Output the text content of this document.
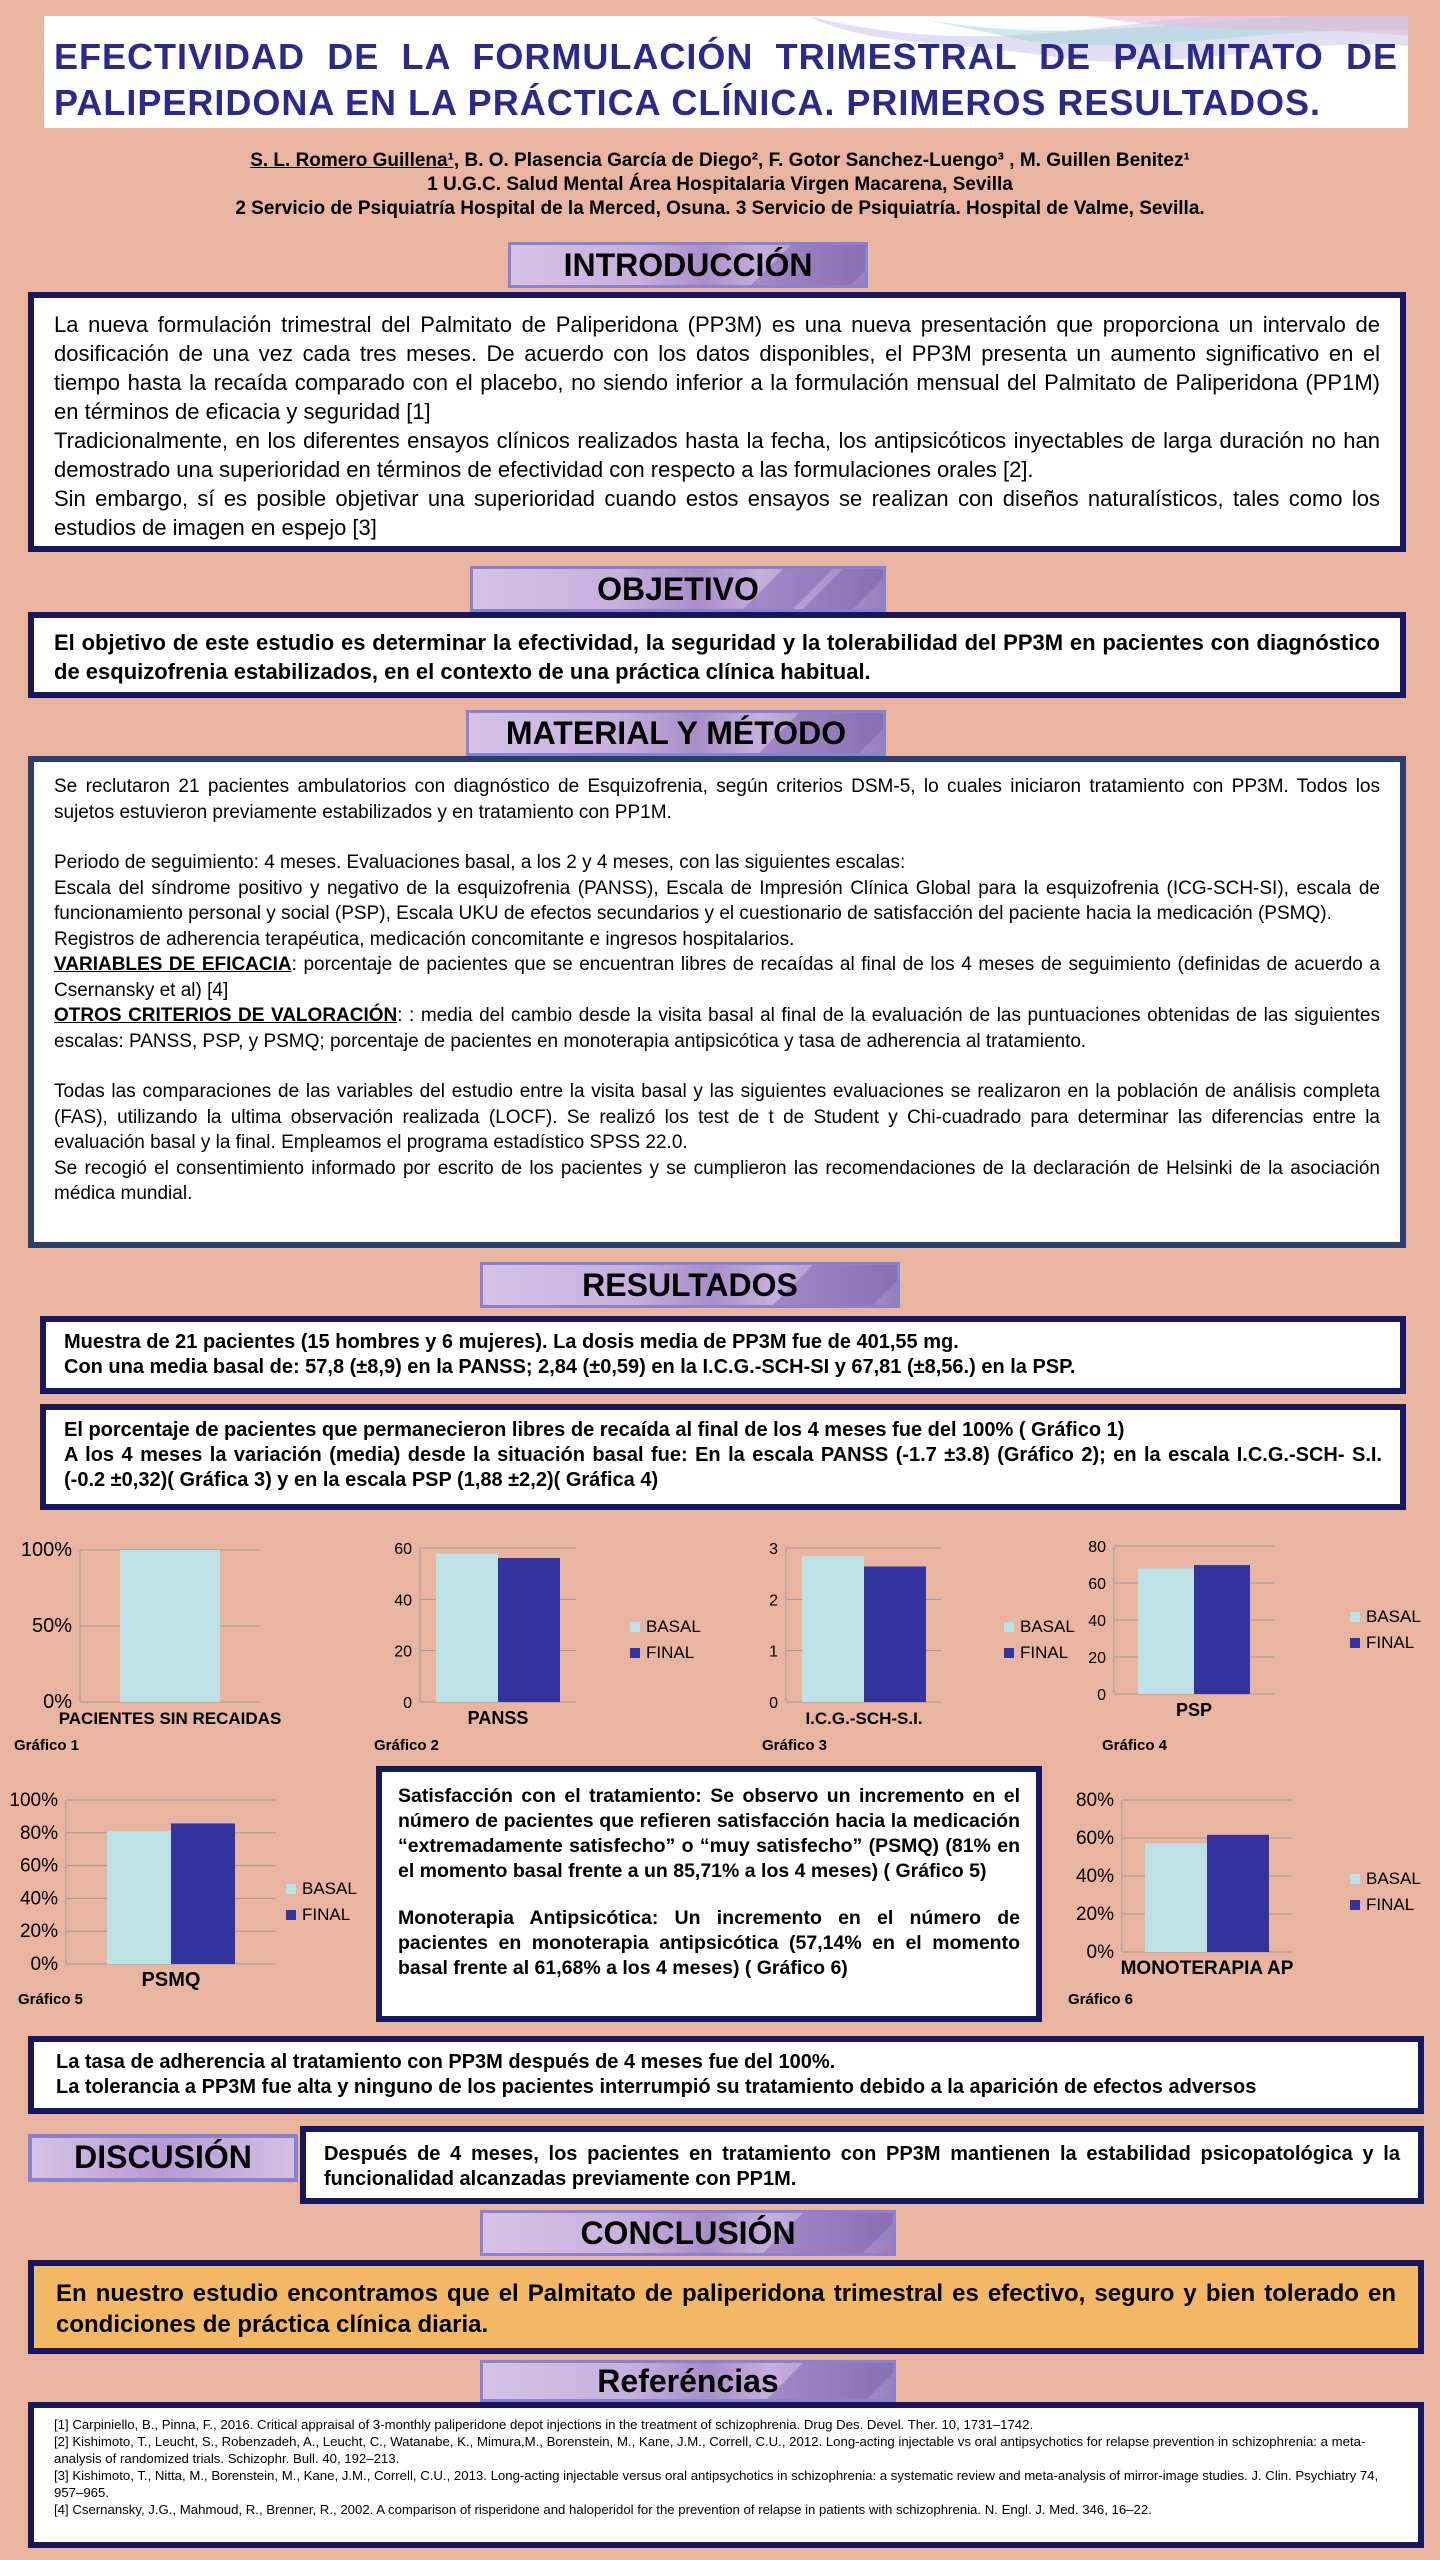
EFECTIVIDAD DE LA FORMULACIÓN TRIMESTRAL DE PALMITATO DE PALIPERIDONA EN LA PRÁCTICA CLÍNICA. PRIMEROS RESULTADOS.
S. L. Romero Guillena¹, B. O. Plasencia García de Diego², F. Gotor Sanchez-Luengo³ , M. Guillen Benitez¹
1 U.G.C. Salud Mental Área Hospitalaria Virgen Macarena, Sevilla
2 Servicio de Psiquiatría Hospital de la Merced, Osuna. 3 Servicio de Psiquiatría. Hospital de Valme, Sevilla.
INTRODUCCIÓN
La nueva formulación trimestral del Palmitato de Paliperidona (PP3M) es una nueva presentación que proporciona un intervalo de dosificación de una vez cada tres meses. De acuerdo con los datos disponibles, el PP3M presenta un aumento significativo en el tiempo hasta la recaída comparado con el placebo, no siendo inferior a la formulación mensual del Palmitato de Paliperidona (PP1M) en términos de eficacia y seguridad [1]
Tradicionalmente, en los diferentes ensayos clínicos realizados hasta la fecha, los antipsicóticos inyectables de larga duración no han demostrado una superioridad en términos de efectividad con respecto a las formulaciones orales [2].
Sin embargo, sí es posible objetivar una superioridad cuando estos ensayos se realizan con diseños naturalísticos, tales como los estudios de imagen en espejo [3]
OBJETIVO
El objetivo de este estudio es determinar la efectividad, la seguridad y la tolerabilidad del PP3M en pacientes con diagnóstico de esquizofrenia estabilizados, en el contexto de una práctica clínica habitual.
MATERIAL Y MÉTODO
Se reclutaron 21 pacientes ambulatorios con diagnóstico de Esquizofrenia, según criterios DSM-5, lo cuales iniciaron tratamiento con PP3M. Todos los sujetos estuvieron previamente estabilizados y en tratamiento con PP1M.
Periodo de seguimiento: 4 meses. Evaluaciones basal, a los 2 y 4 meses, con las siguientes escalas:
Escala del síndrome positivo y negativo de la esquizofrenia (PANSS), Escala de Impresión Clínica Global para la esquizofrenia (ICG-SCH-SI), escala de funcionamiento personal y social (PSP), Escala UKU de efectos secundarios y el cuestionario de satisfacción del paciente hacia la medicación (PSMQ).
Registros de adherencia terapéutica, medicación concomitante e ingresos hospitalarios.
VARIABLES DE EFICACIA: porcentaje de pacientes que se encuentran libres de recaídas al final de los 4 meses de seguimiento (definidas de acuerdo a Csernansky et al) [4]
OTROS CRITERIOS DE VALORACIÓN: : media del cambio desde la visita basal al final de la evaluación de las puntuaciones obtenidas de las siguientes escalas: PANSS, PSP, y PSMQ; porcentaje de pacientes en monoterapia antipsicótica y tasa de adherencia al tratamiento.
Todas las comparaciones de las variables del estudio entre la visita basal y las siguientes evaluaciones se realizaron en la población de análisis completa (FAS), utilizando la ultima observación realizada (LOCF). Se realizó los test de t de Student y Chi-cuadrado para determinar las diferencias entre la evaluación basal y la final. Empleamos el programa estadístico SPSS 22.0.
Se recogió el consentimiento informado por escrito de los pacientes y se cumplieron las recomendaciones de la declaración de Helsinki de la asociación médica mundial.
RESULTADOS
Muestra de 21 pacientes (15 hombres y 6 mujeres). La dosis media de PP3M fue de 401,55 mg.
Con una media basal de: 57,8 (±8,9) en la PANSS; 2,84 (±0,59) en la I.C.G.-SCH-SI y 67,81 (±8,56.) en la PSP.
El porcentaje de pacientes que permanecieron libres de recaída al final de los 4 meses fue del 100% ( Gráfico 1)
A los 4 meses la variación (media) desde la situación basal fue: En la escala PANSS (-1.7 ±3.8) (Gráfico 2); en la escala I.C.G.-SCH- S.I. (-0.2 ±0,32)( Gráfica 3) y en la escala PSP (1,88 ±2,2)( Gráfica 4)
0%
50%
100%
PACIENTES SIN RECAIDAS
Gráfico 1
0
20
40
60
PANSS
BASAL
FINAL
Gráfico 2
0
1
2
3
I.C.G.-SCH-S.I.
BASAL
FINAL
Gráfico 3
0
20
40
60
80
PSP
BASAL
FINAL
Gráfico 4
0%
20%
40%
60%
80%
100%
PSMQ
BASAL
FINAL
Gráfico 5
Satisfacción con el tratamiento: Se observo un incremento en el número de pacientes que refieren satisfacción hacia la medicación “extremadamente satisfecho” o “muy satisfecho” (PSMQ) (81% en el momento basal frente a un 85,71% a los 4 meses) ( Gráfico 5)
Monoterapia Antipsicótica: Un incremento en el número de pacientes en monoterapia antipsicótica (57,14% en el momento basal frente al 61,68% a los 4 meses) ( Gráfico 6)
0%
20%
40%
60%
80%
MONOTERAPIA AP
BASAL
FINAL
Gráfico 6
La tasa de adherencia al tratamiento con PP3M después de 4 meses fue del 100%.
La tolerancia a PP3M fue alta y ninguno de los pacientes interrumpió su tratamiento debido a la aparición de efectos adversos
DISCUSIÓN	Después de 4 meses, los pacientes en tratamiento con PP3M mantienen la estabilidad psicopatológica y la funcionalidad alcanzadas previamente con PP1M.
CONCLUSIÓN
En nuestro estudio encontramos que el Palmitato de paliperidona trimestral es efectivo, seguro y bien tolerado en condiciones de práctica clínica diaria.
Referéncias
[1] Carpiniello, B., Pinna, F., 2016. Critical appraisal of 3-monthly paliperidone depot injections in the treatment of schizophrenia. Drug Des. Devel. Ther. 10, 1731–1742.
[2] Kishimoto, T., Leucht, S., Robenzadeh, A., Leucht, C., Watanabe, K., Mimura,M., Borenstein, M., Kane, J.M., Correll, C.U., 2012. Long-acting injectable vs oral antipsychotics for relapse prevention in schizophrenia: a meta-analysis of randomized trials. Schizophr. Bull. 40, 192–213.
[3] Kishimoto, T., Nitta, M., Borenstein, M., Kane, J.M., Correll, C.U., 2013. Long-acting injectable versus oral antipsychotics in schizophrenia: a systematic review and meta-analysis of mirror-image studies. J. Clin. Psychiatry 74, 957–965.
[4] Csernansky, J.G., Mahmoud, R., Brenner, R., 2002. A comparison of risperidone and haloperidol for the prevention of relapse in patients with schizophrenia. N. Engl. J. Med. 346, 16–22.
